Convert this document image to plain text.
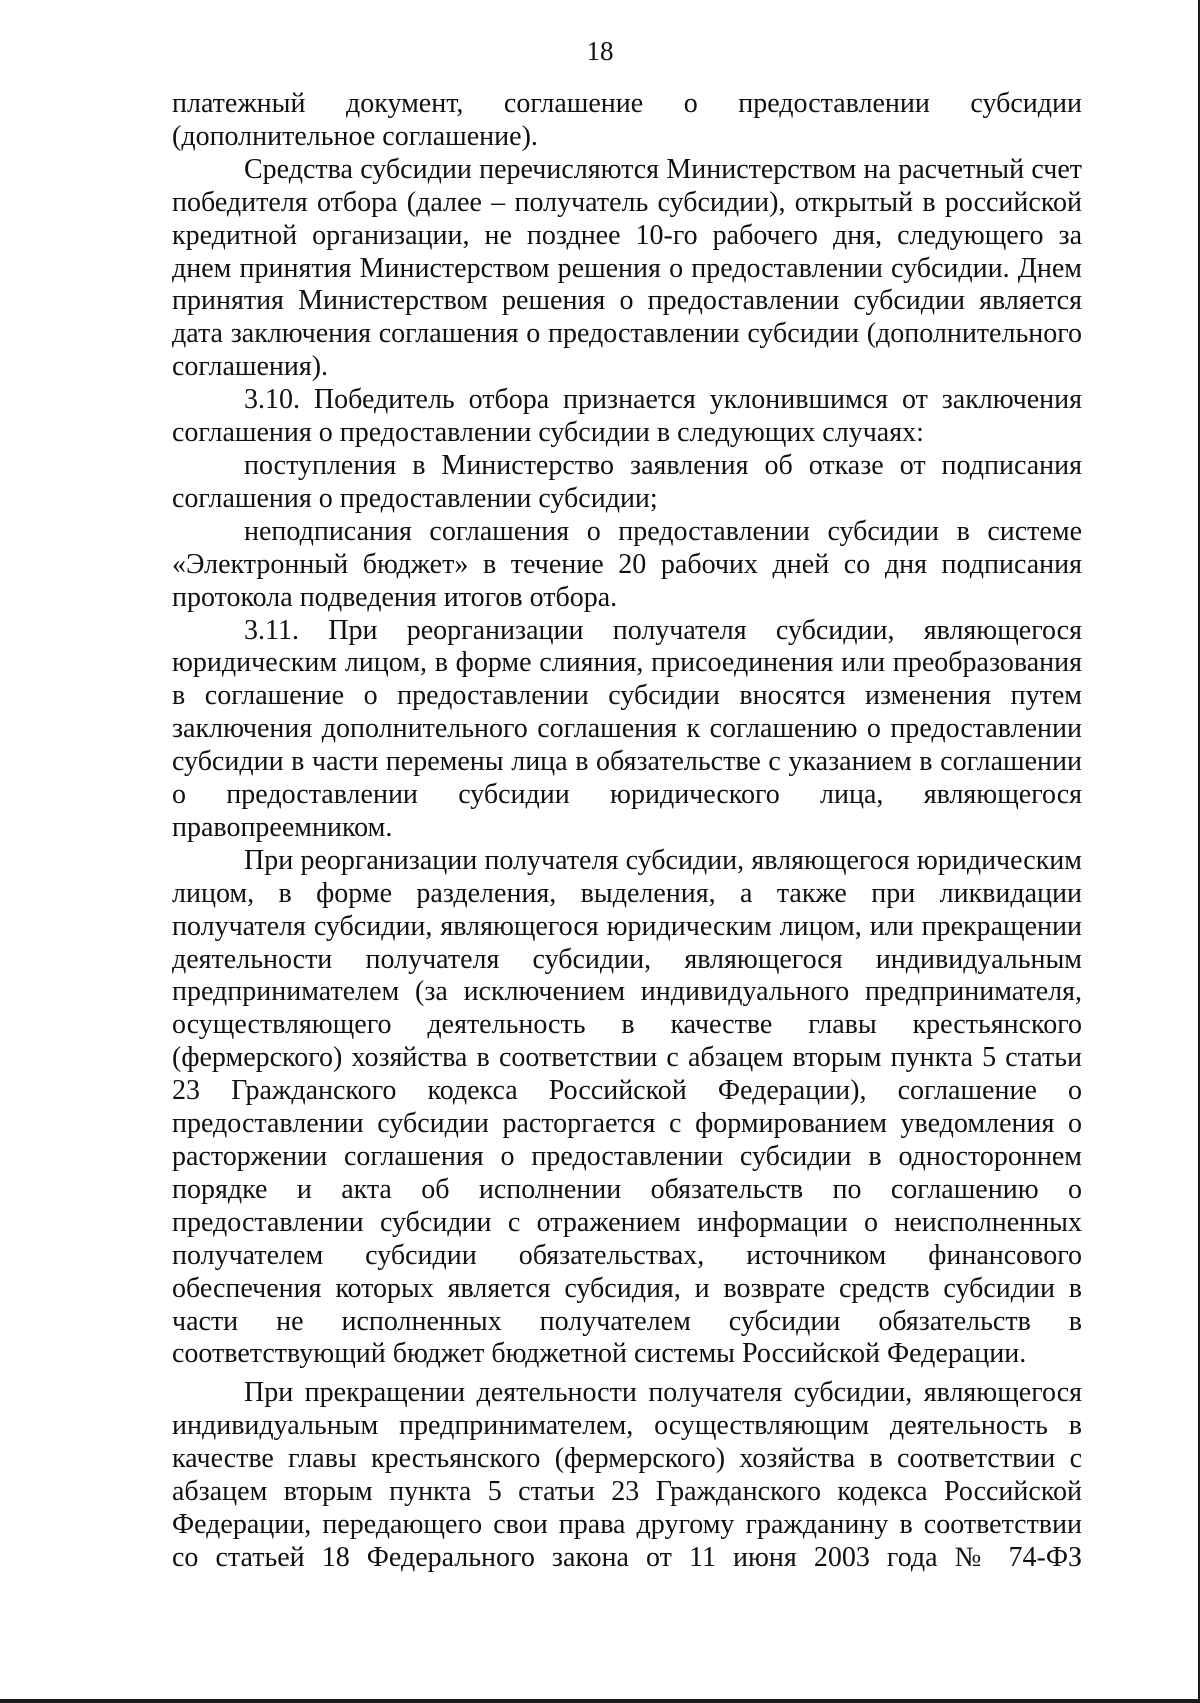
18

платежный документ, соглашение о предоставлении субсидии (дополнительное соглашение).

Средства субсидии перечисляются Министерством на расчетный счет победителя отбора (далее – получатель субсидии), открытый в российской кредитной организации, не позднее 10-го рабочего дня, следующего за днем принятия Министерством решения о предоставлении субсидии. Днем принятия Министерством решения о предоставлении субсидии является дата заключения соглашения о предоставлении субсидии (дополнительного соглашения).

3.10. Победитель отбора признается уклонившимся от заключения соглашения о предоставлении субсидии в следующих случаях:

поступления в Министерство заявления об отказе от подписания соглашения о предоставлении субсидии;

неподписания соглашения о предоставлении субсидии в системе «Электронный бюджет» в течение 20 рабочих дней со дня подписания протокола подведения итогов отбора.

3.11. При реорганизации получателя субсидии, являющегося юридическим лицом, в форме слияния, присоединения или преобразования в соглашение о предоставлении субсидии вносятся изменения путем заключения дополнительного соглашения к соглашению о предоставлении субсидии в части перемены лица в обязательстве с указанием в соглашении о предоставлении субсидии юридического лица, являющегося правопреемником.

При реорганизации получателя субсидии, являющегося юридическим лицом, в форме разделения, выделения, а также при ликвидации получателя субсидии, являющегося юридическим лицом, или прекращении деятельности получателя субсидии, являющегося индивидуальным предпринимателем (за исключением индивидуального предпринимателя, осуществляющего деятельность в качестве главы крестьянского (фермерского) хозяйства в соответствии с абзацем вторым пункта 5 статьи 23 Гражданского кодекса Российской Федерации), соглашение о предоставлении субсидии расторгается с формированием уведомления о расторжении соглашения о предоставлении субсидии в одностороннем порядке и акта об исполнении обязательств по соглашению о предоставлении субсидии с отражением информации о неисполненных получателем субсидии обязательствах, источником финансового обеспечения которых является субсидия, и возврате средств субсидии в части не исполненных получателем субсидии обязательств в соответствующий бюджет бюджетной системы Российской Федерации.

При прекращении деятельности получателя субсидии, являющегося индивидуальным предпринимателем, осуществляющим деятельность в качестве главы крестьянского (фермерского) хозяйства в соответствии с абзацем вторым пункта 5 статьи 23 Гражданского кодекса Российской Федерации, передающего свои права другому гражданину в соответствии со статьей 18 Федерального закона от 11 июня 2003 года № 74-ФЗ
